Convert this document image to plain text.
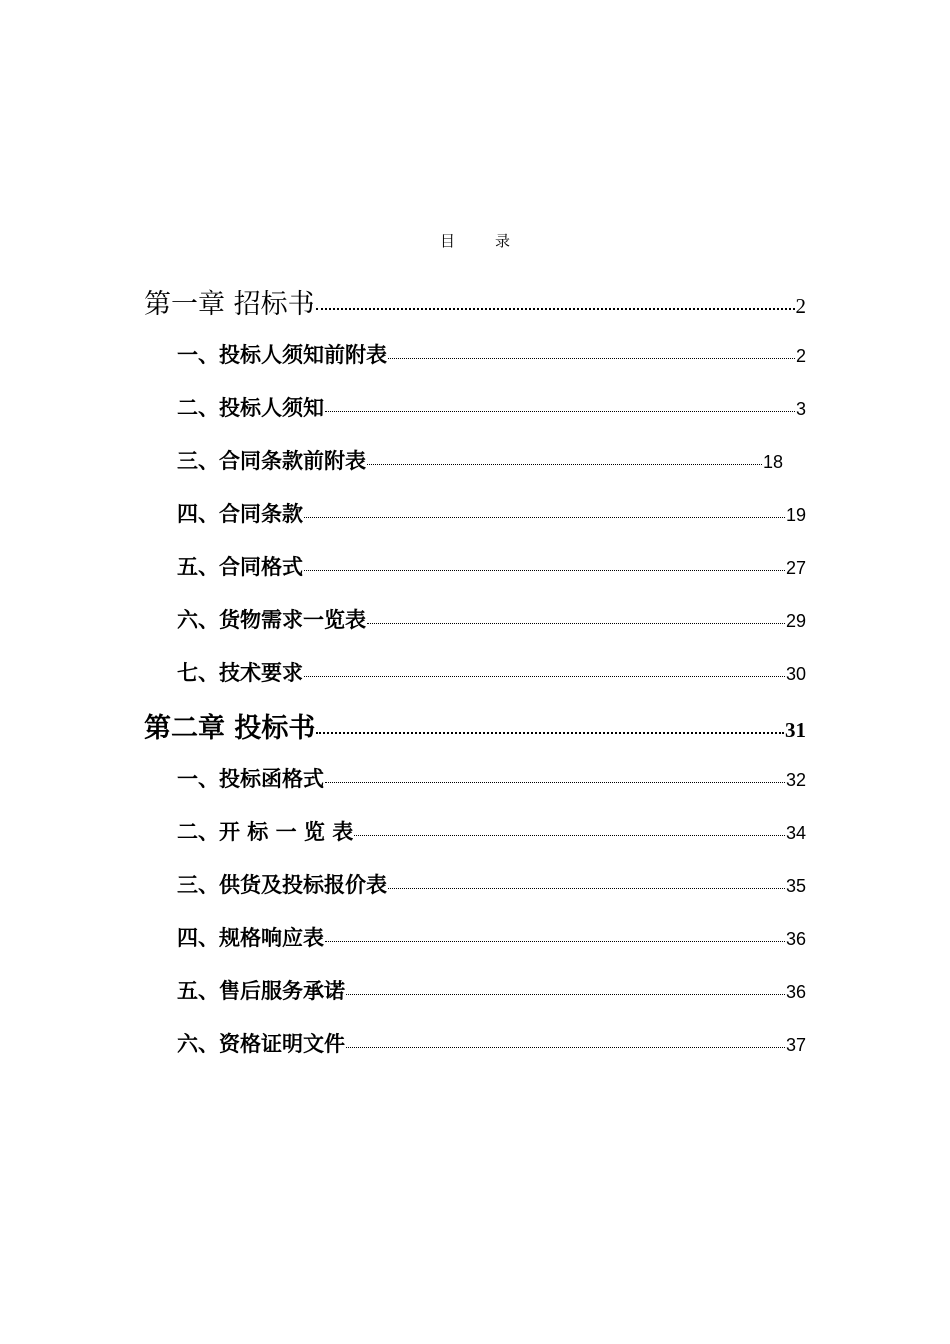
目	录
第一章 招标书	2
一、投标人须知前附表	2
二、投标人须知	3
三、合同条款前附表	18
四、合同条款	19
五、合同格式	27
六、货物需求一览表	29
七、技术要求	30
第二章 投标书	31
一、投标函格式	32
二、开 标 一 览 表	34
三、供货及投标报价表	35
四、规格响应表	36
五、售后服务承诺	36
六、资格证明文件	37
